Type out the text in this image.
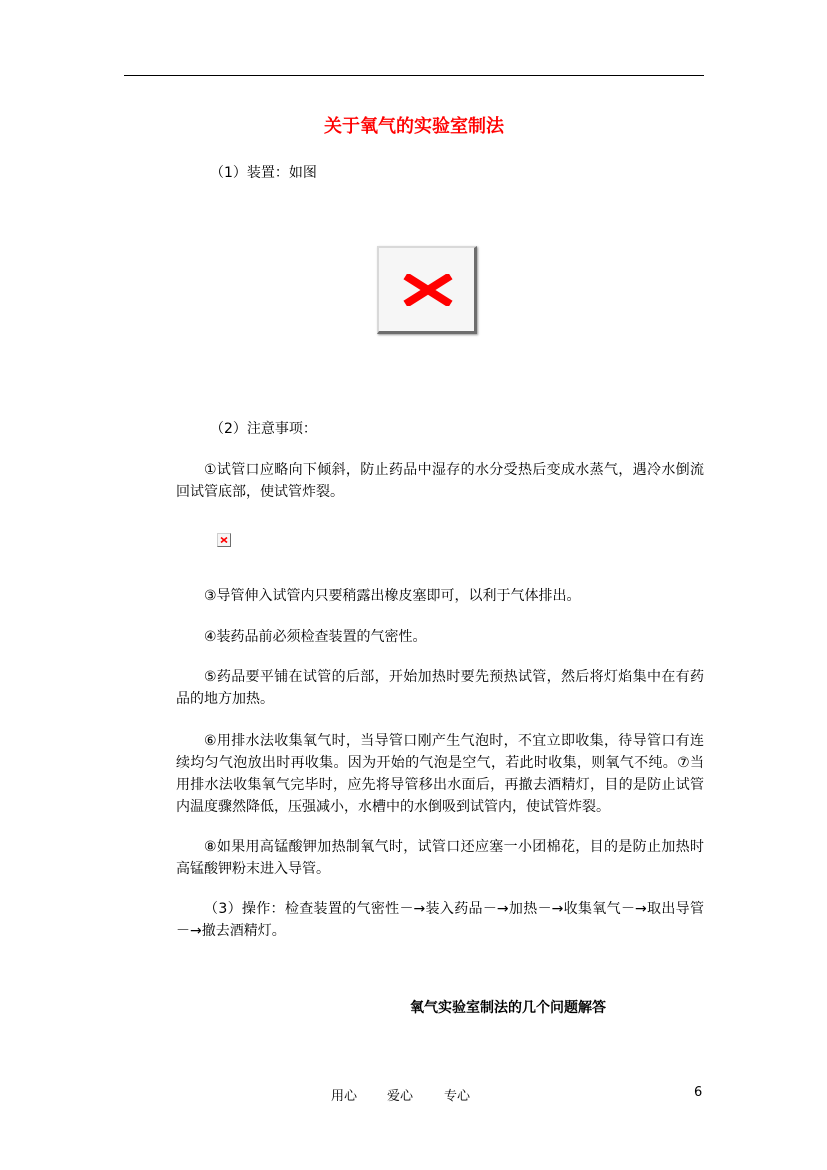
关于氧气的实验室制法
（1）装置：如图
（2）注意事项：
①试管口应略向下倾斜，防止药品中湿存的水分受热后变成水蒸气，遇冷水倒流回试管底部，使试管炸裂。
③导管伸入试管内只要稍露出橡皮塞即可，以利于气体排出。
④装药品前必须检查装置的气密性。
⑤药品要平铺在试管的后部，开始加热时要先预热试管，然后将灯焰集中在有药品的地方加热。
⑥用排水法收集氧气时，当导管口刚产生气泡时，不宜立即收集，待导管口有连续均匀气泡放出时再收集。因为开始的气泡是空气，若此时收集，则氧气不纯。⑦当用排水法收集氧气完毕时，应先将导管移出水面后，再撤去酒精灯，目的是防止试管内温度骤然降低，压强减小，水槽中的水倒吸到试管内，使试管炸裂。
⑧如果用高锰酸钾加热制氧气时，试管口还应塞一小团棉花，目的是防止加热时高锰酸钾粉末进入导管。
（3）操作：检查装置的气密性－→装入药品－→加热－→收集氧气－→取出导管－→撤去酒精灯。
氧气实验室制法的几个问题解答
用心 爱心 专心	6
